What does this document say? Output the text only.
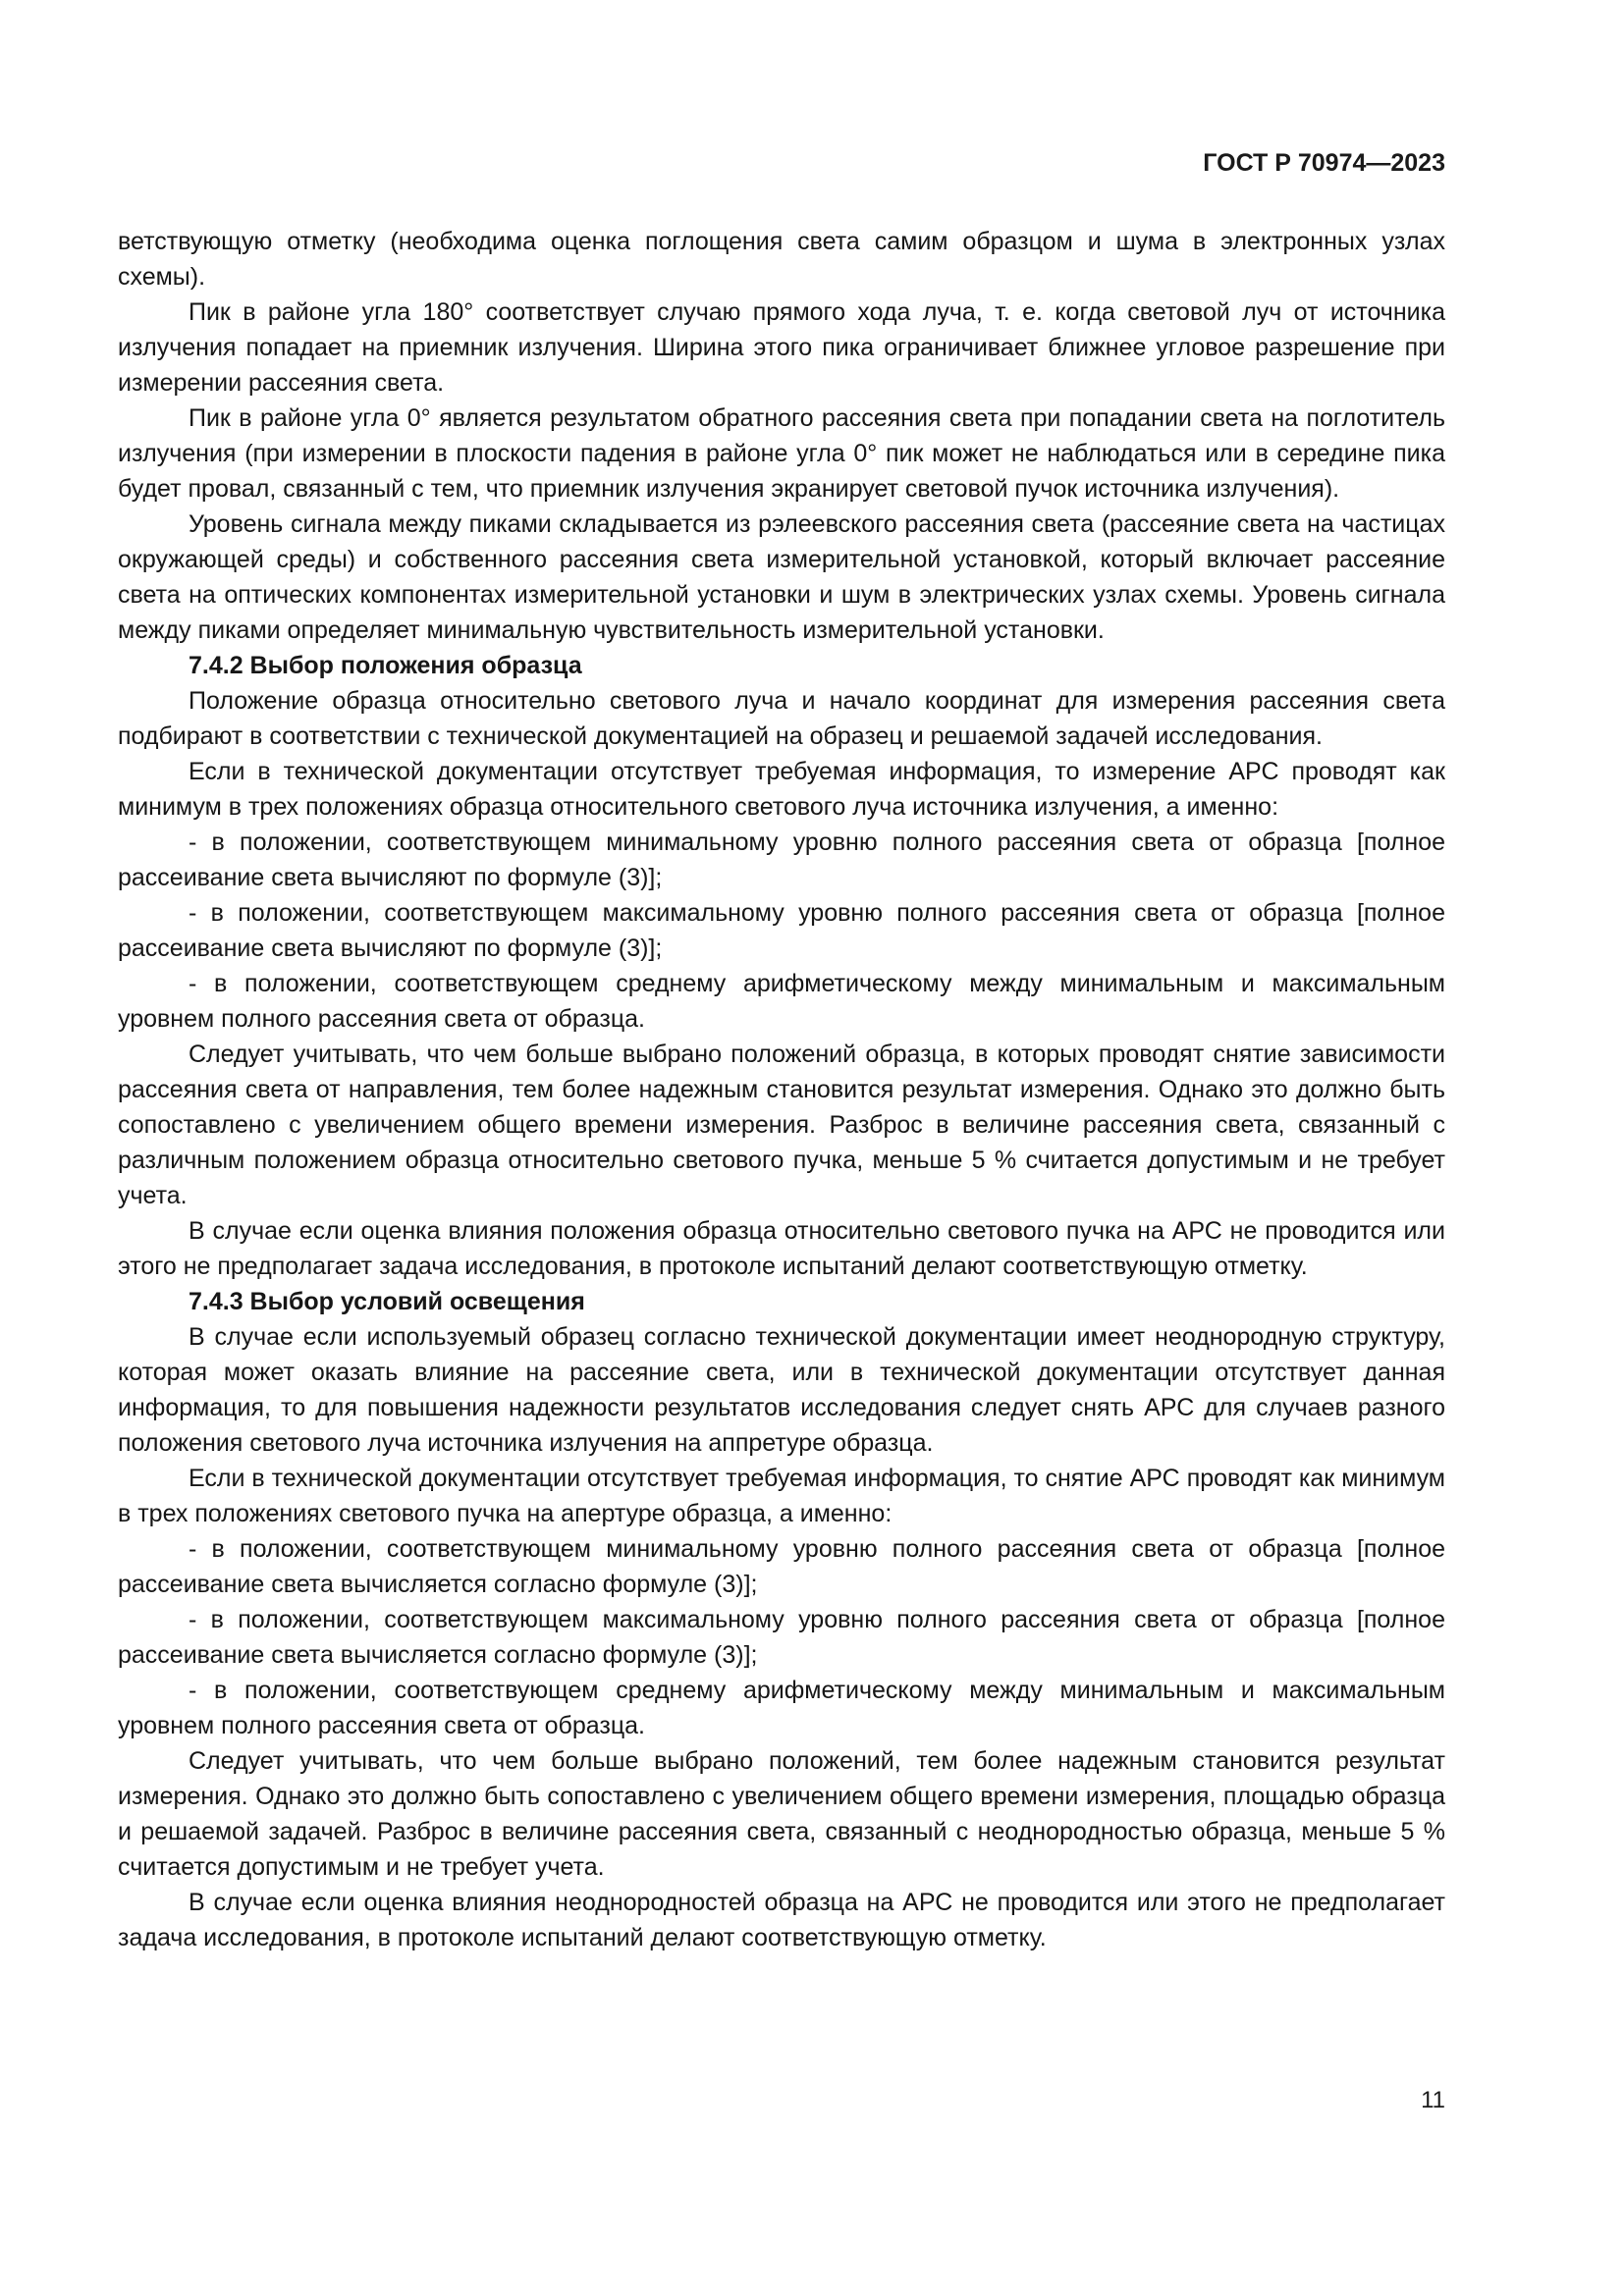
ГОСТ Р 70974—2023

ветствующую отметку (необходима оценка поглощения света самим образцом и шума в электронных узлах схемы).

Пик в районе угла 180° соответствует случаю прямого хода луча, т. е. когда световой луч от источника излучения попадает на приемник излучения. Ширина этого пика ограничивает ближнее угловое разрешение при измерении рассеяния света.

Пик в районе угла 0° является результатом обратного рассеяния света при попадании света на поглотитель излучения (при измерении в плоскости падения в районе угла 0° пик может не наблюдаться или в середине пика будет провал, связанный с тем, что приемник излучения экранирует световой пучок источника излучения).

Уровень сигнала между пиками складывается из рэлеевского рассеяния света (рассеяние света на частицах окружающей среды) и собственного рассеяния света измерительной установкой, который включает рассеяние света на оптических компонентах измерительной установки и шум в электрических узлах схемы. Уровень сигнала между пиками определяет минимальную чувствительность измерительной установки.

7.4.2 Выбор положения образца

Положение образца относительно светового луча и начало координат для измерения рассеяния света подбирают в соответствии с технической документацией на образец и решаемой задачей исследования.

Если в технической документации отсутствует требуемая информация, то измерение АРС проводят как минимум в трех положениях образца относительного светового луча источника излучения, а именно:

- в положении, соответствующем минимальному уровню полного рассеяния света от образца [полное рассеивание света вычисляют по формуле (3)];

- в положении, соответствующем максимальному уровню полного рассеяния света от образца [полное рассеивание света вычисляют по формуле (3)];

- в положении, соответствующем среднему арифметическому между минимальным и максимальным уровнем полного рассеяния света от образца.

Следует учитывать, что чем больше выбрано положений образца, в которых проводят снятие зависимости рассеяния света от направления, тем более надежным становится результат измерения. Однако это должно быть сопоставлено с увеличением общего времени измерения. Разброс в величине рассеяния света, связанный с различным положением образца относительно светового пучка, меньше 5 % считается допустимым и не требует учета.

В случае если оценка влияния положения образца относительно светового пучка на АРС не проводится или этого не предполагает задача исследования, в протоколе испытаний делают соответствующую отметку.

7.4.3 Выбор условий освещения

В случае если используемый образец согласно технической документации имеет неоднородную структуру, которая может оказать влияние на рассеяние света, или в технической документации отсутствует данная информация, то для повышения надежности результатов исследования следует снять АРС для случаев разного положения светового луча источника излучения на аппретуре образца.

Если в технической документации отсутствует требуемая информация, то снятие АРС проводят как минимум в трех положениях светового пучка на апертуре образца, а именно:

- в положении, соответствующем минимальному уровню полного рассеяния света от образца [полное рассеивание света вычисляется согласно формуле (3)];

- в положении, соответствующем максимальному уровню полного рассеяния света от образца [полное рассеивание света вычисляется согласно формуле (3)];

- в положении, соответствующем среднему арифметическому между минимальным и максимальным уровнем полного рассеяния света от образца.

Следует учитывать, что чем больше выбрано положений, тем более надежным становится результат измерения. Однако это должно быть сопоставлено с увеличением общего времени измерения, площадью образца и решаемой задачей. Разброс в величине рассеяния света, связанный с неоднородностью образца, меньше 5 % считается допустимым и не требует учета.

В случае если оценка влияния неоднородностей образца на АРС не проводится или этого не предполагает задача исследования, в протоколе испытаний делают соответствующую отметку.

11
